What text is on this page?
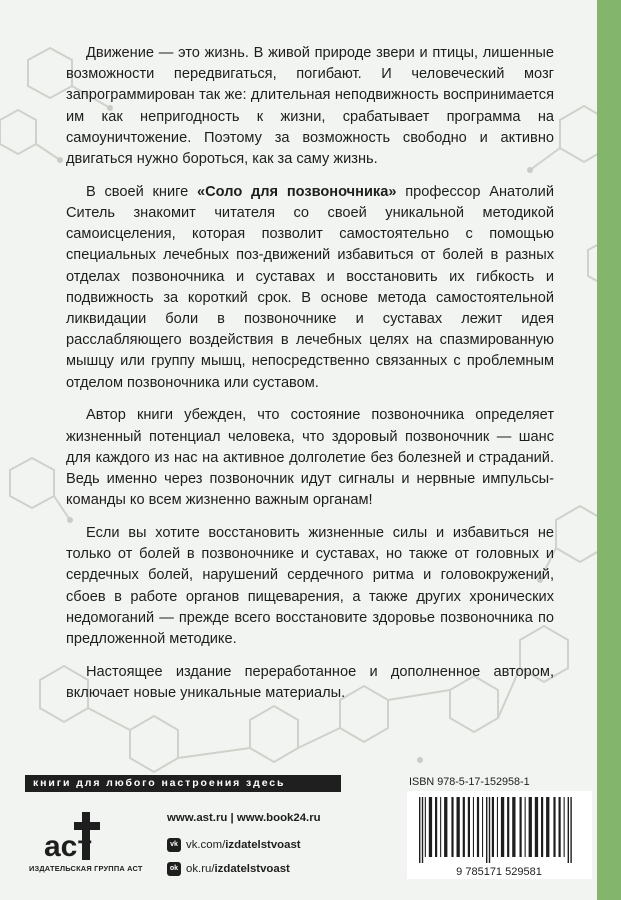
Движение — это жизнь. В живой природе звери и птицы, лишенные возможности передвигаться, погибают. И человеческий мозг запрограммирован так же: длительная неподвижность воспринимается им как непригодность к жизни, срабатывает программа на самоуничтожение. Поэтому за возможность свободно и активно двигаться нужно бороться, как за саму жизнь.

В своей книге «Соло для позвоночника» профессор Анатолий Ситель знакомит читателя со своей уникальной методикой самоисцеления, которая позволит самостоятельно с помощью специальных лечебных поз-движений избавиться от болей в разных отделах позвоночника и суставах и восстановить их гибкость и подвижность за короткий срок. В основе метода самостоятельной ликвидации боли в позвоночнике и суставах лежит идея расслабляющего воздействия в лечебных целях на спазмированную мышцу или группу мышц, непосредственно связанных с проблемным отделом позвоночника или суставом.

Автор книги убежден, что состояние позвоночника определяет жизненный потенциал человека, что здоровый позвоночник — шанс для каждого из нас на активное долголетие без болезней и страданий. Ведь именно через позвоночник идут сигналы и нервные импульсы-команды ко всем жизненно важным органам!

Если вы хотите восстановить жизненные силы и избавиться не только от болей в позвоночнике и суставах, но также от головных и сердечных болей, нарушений сердечного ритма и головокружений, сбоев в работе органов пищеварения, а также других хронических недомоганий — прежде всего восстановите здоровье позвоночника по предложенной методике.

Настоящее издание переработанное и дополненное автором, включает новые уникальные материалы.

книги для любого настроения здесь
аст
ИЗДАТЕЛЬСКАЯ ГРУППА АСТ
www.ast.ru | www.book24.ru
vk vk.com/izdatelstvoast
ok ok.ru/izdatelstvoast
ISBN 978-5-17-152958-1
9 785171 529581
